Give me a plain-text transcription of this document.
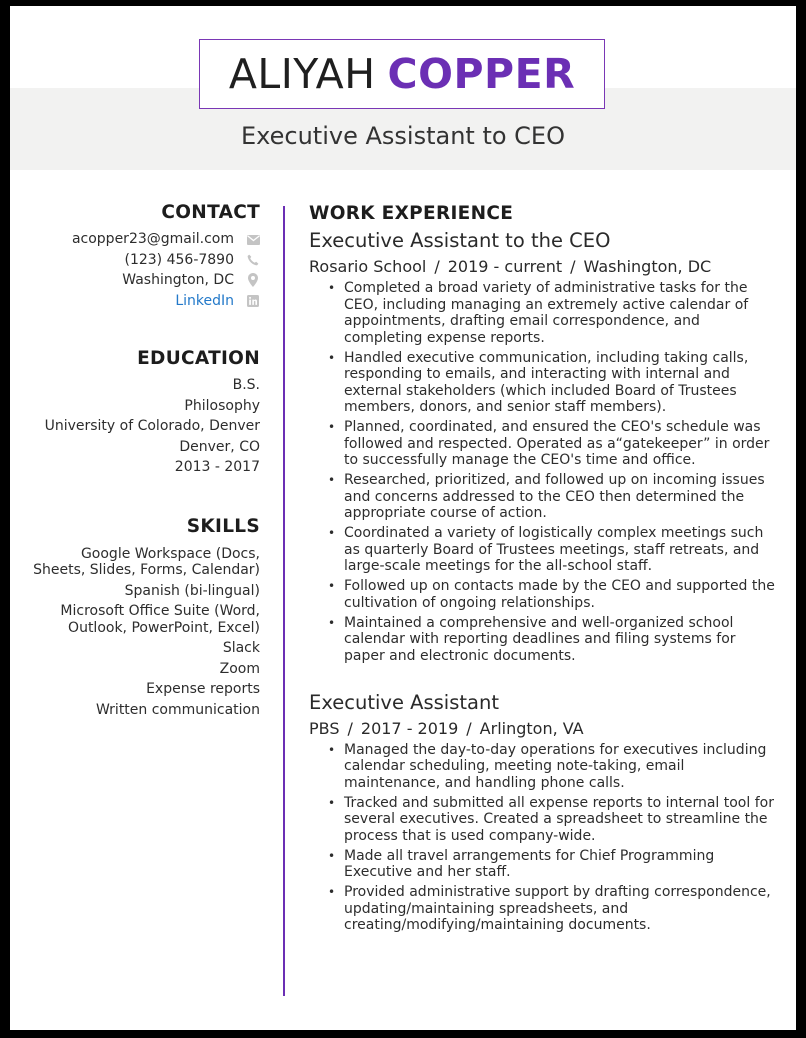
ALIYAH COPPER
Executive Assistant to CEO
CONTACT
acopper23@gmail.com
(123) 456-7890
Washington, DC
LinkedIn
EDUCATION
B.S.
Philosophy
University of Colorado, Denver
Denver, CO
2013 - 2017
SKILLS
Google Workspace (Docs, Sheets, Slides, Forms, Calendar)
Spanish (bi-lingual)
Microsoft Office Suite (Word, Outlook, PowerPoint, Excel)
Slack
Zoom
Expense reports
Written communication
WORK EXPERIENCE
Executive Assistant to the CEO
Rosario School / 2019 - current / Washington, DC
• Completed a broad variety of administrative tasks for the CEO, including managing an extremely active calendar of appointments, drafting email correspondence, and completing expense reports.
• Handled executive communication, including taking calls, responding to emails, and interacting with internal and external stakeholders (which included Board of Trustees members, donors, and senior staff members).
• Planned, coordinated, and ensured the CEO's schedule was followed and respected. Operated as a“gatekeeper” in order to successfully manage the CEO's time and office.
• Researched, prioritized, and followed up on incoming issues and concerns addressed to the CEO then determined the appropriate course of action.
• Coordinated a variety of logistically complex meetings such as quarterly Board of Trustees meetings, staff retreats, and large-scale meetings for the all-school staff.
• Followed up on contacts made by the CEO and supported the cultivation of ongoing relationships.
• Maintained a comprehensive and well-organized school calendar with reporting deadlines and filing systems for paper and electronic documents.
Executive Assistant
PBS / 2017 - 2019 / Arlington, VA
• Managed the day-to-day operations for executives including calendar scheduling, meeting note-taking, email maintenance, and handling phone calls.
• Tracked and submitted all expense reports to internal tool for several executives. Created a spreadsheet to streamline the process that is used company-wide.
• Made all travel arrangements for Chief Programming Executive and her staff.
• Provided administrative support by drafting correspondence, updating/maintaining spreadsheets, and creating/modifying/maintaining documents.
